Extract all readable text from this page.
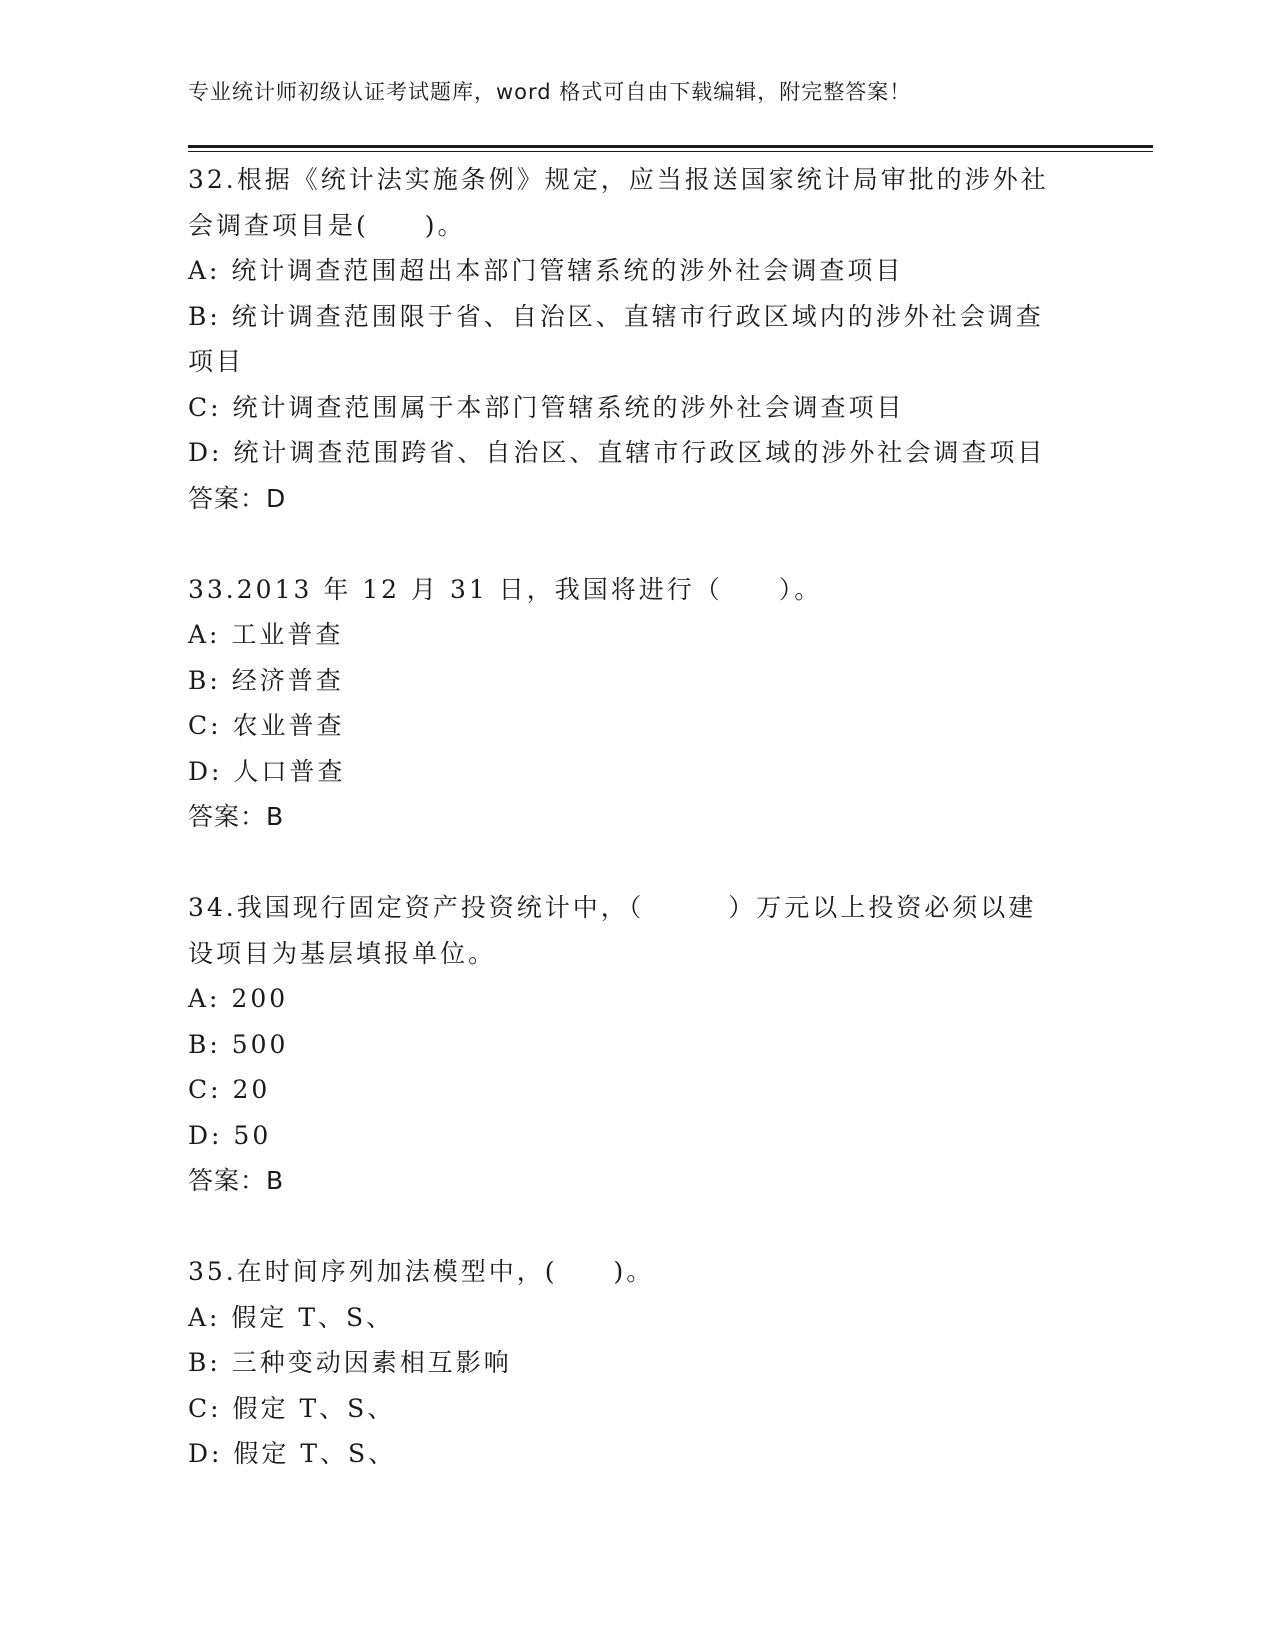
专业统计师初级认证考试题库，word 格式可自由下载编辑，附完整答案！
32.根据《统计法实施条例》规定，应当报送国家统计局审批的涉外社
会调查项目是(　　)。
A: 统计调查范围超出本部门管辖系统的涉外社会调查项目
B: 统计调查范围限于省、自治区、直辖市行政区域内的涉外社会调查
项目
C: 统计调查范围属于本部门管辖系统的涉外社会调查项目
D: 统计调查范围跨省、自治区、直辖市行政区域的涉外社会调查项目
答案：D
33.2013 年 12 月 31 日，我国将进行（　　）。
A: 工业普查
B: 经济普查
C: 农业普查
D: 人口普查
答案：B
34.我国现行固定资产投资统计中，（　　　）万元以上投资必须以建
设项目为基层填报单位。
A: 200
B: 500
C: 20
D: 50
答案：B
35.在时间序列加法模型中，(　　)。
A: 假定 T、S、
B: 三种变动因素相互影响
C: 假定 T、S、
D: 假定 T、S、
